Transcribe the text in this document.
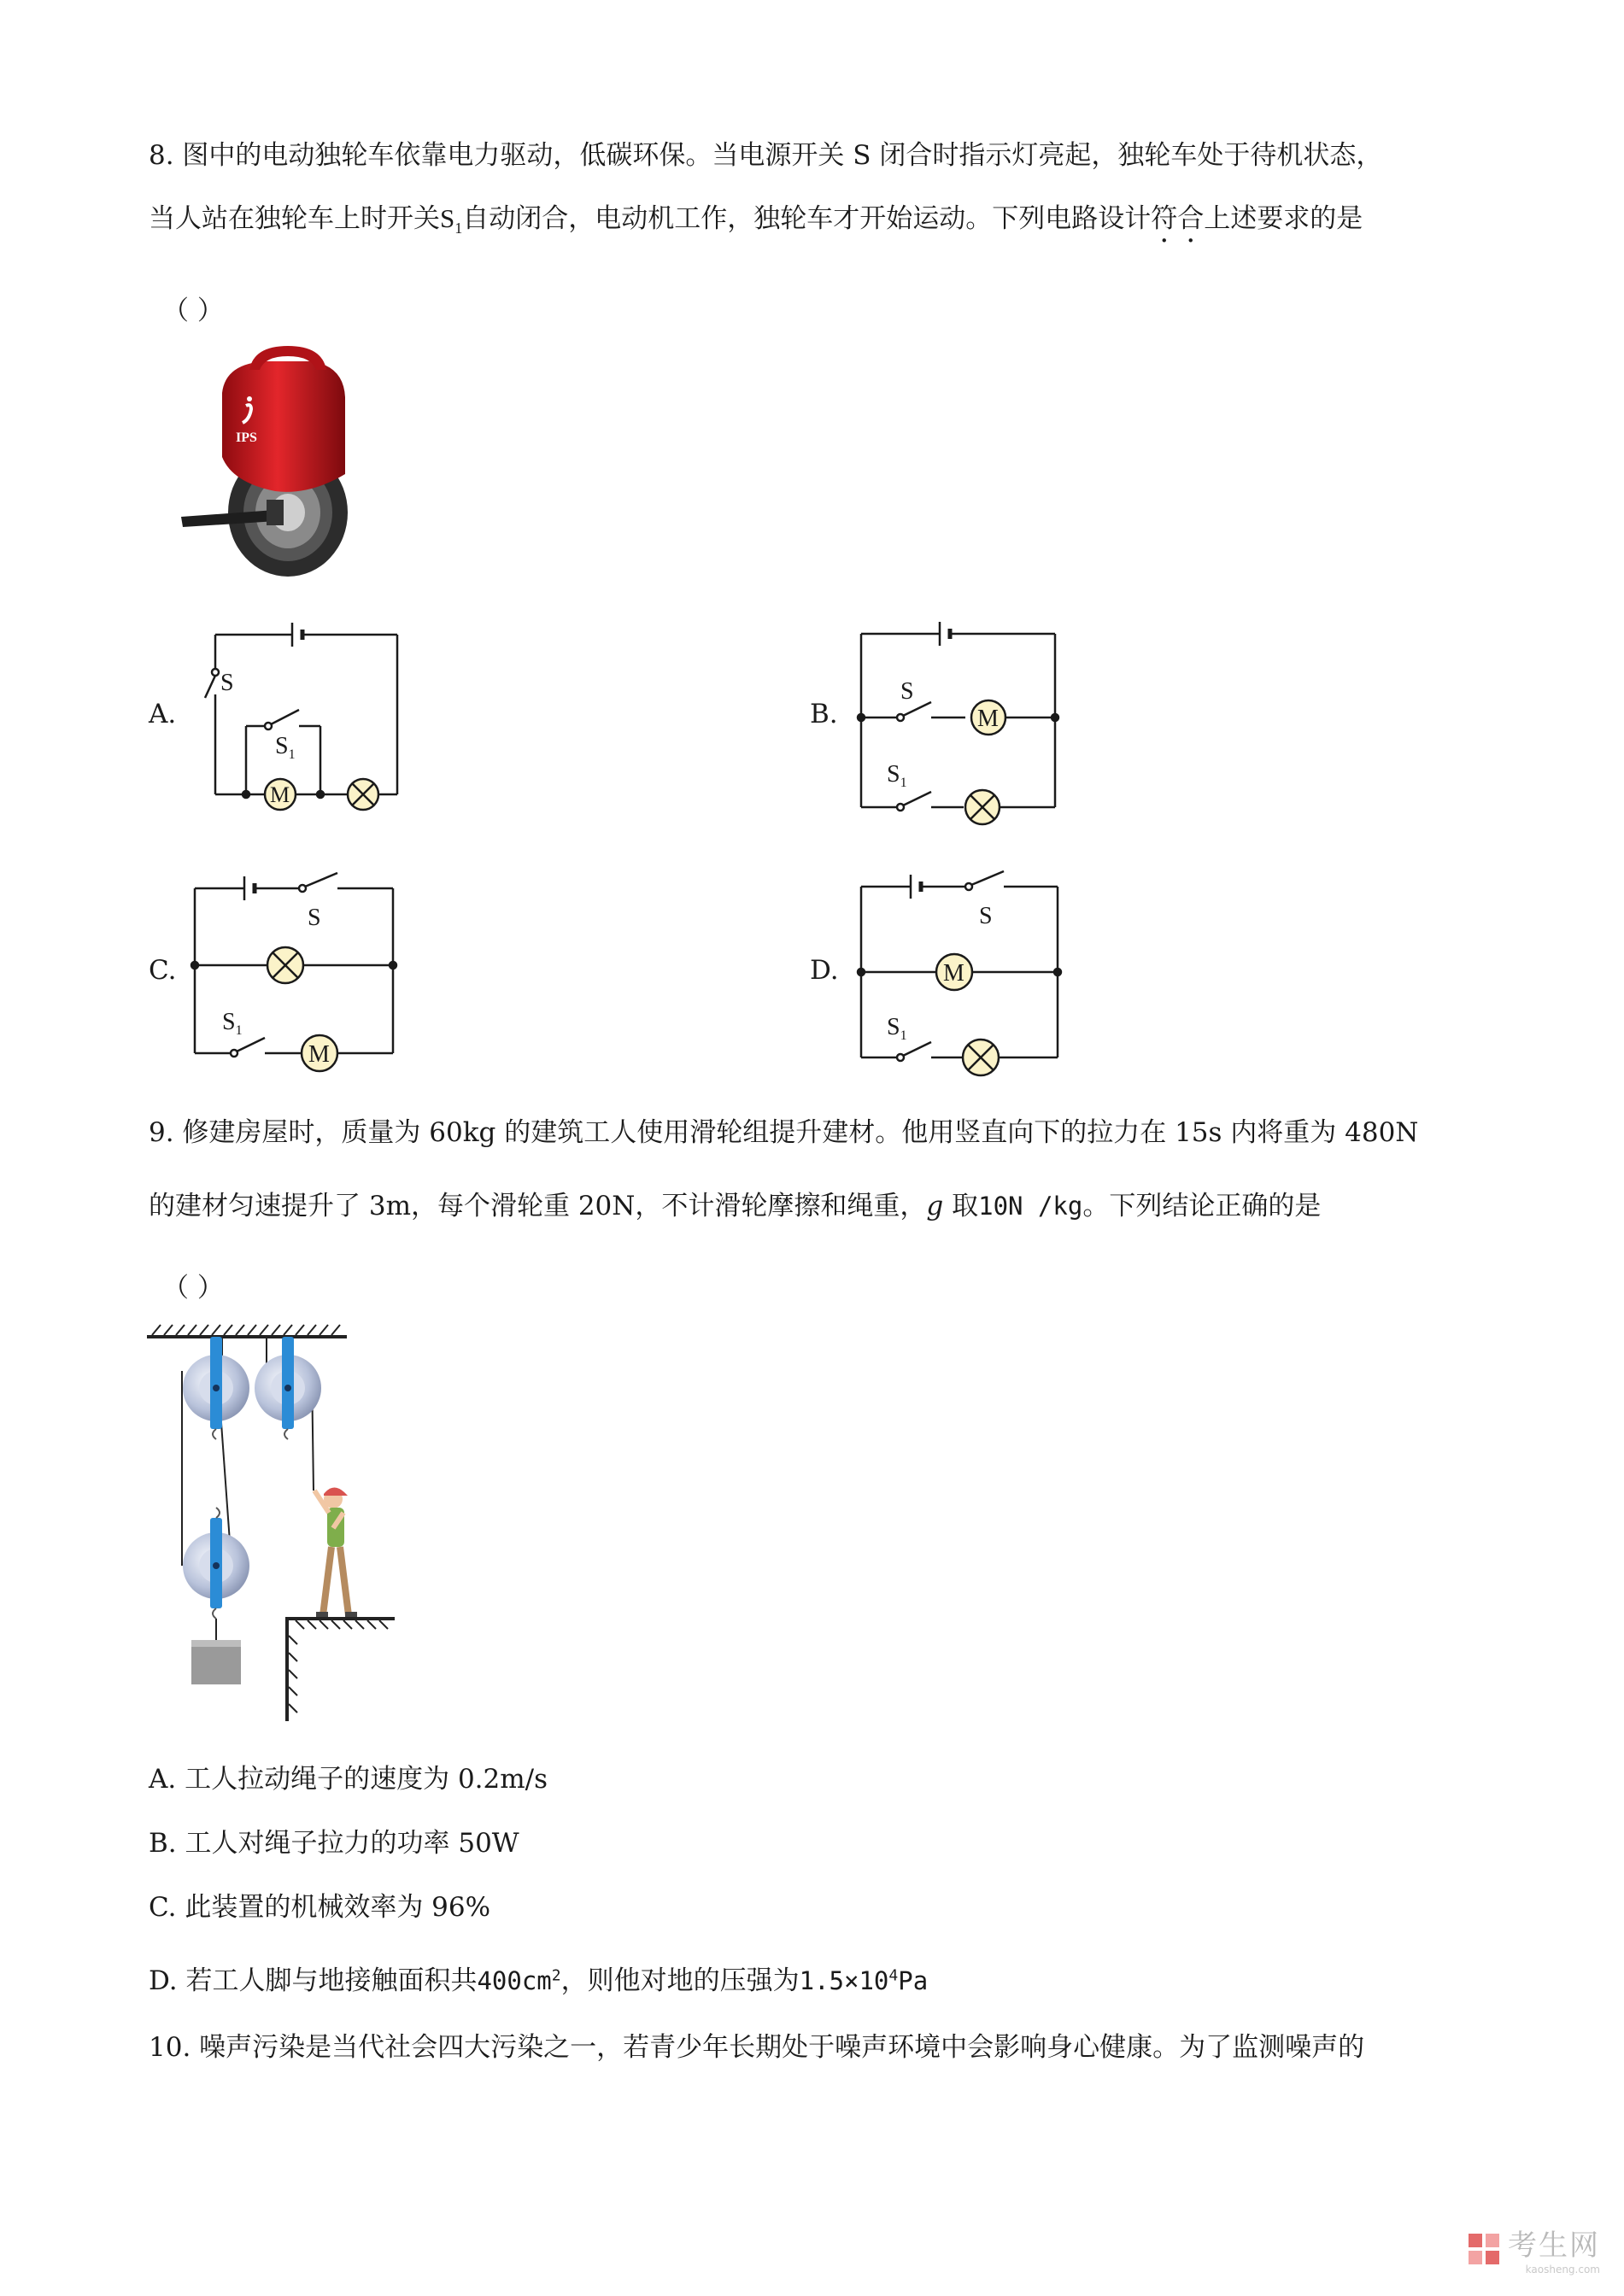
8. 图中的电动独轮车依靠电力驱动，低碳环保。当电源开关 S 闭合时指示灯亮起，独轮车处于待机状态，
当人站在独轮车上时开关$S_1$自动闭合，电动机工作，独轮车才开始运动。下列电路设计符合上述要求的是
（ ）
IPS
A.
S
M
$S_1$
B.
S
M
$S_1$
C.
S
$S_1$
M
D.
S
M
$S_1$
9. 修建房屋时，质量为 60kg 的建筑工人使用滑轮组提升建材。他用竖直向下的拉力在 15s 内将重为 480N
的建材匀速提升了 3m，每个滑轮重 20N，不计滑轮摩擦和绳重，g 取10N /kg。下列结论正确的是
（ ）
A. 工人拉动绳子的速度为 0.2m/s
B. 工人对绳子拉力的功率 50W
C. 此装置的机械效率为 96%
D. 若工人脚与地接触面积共$400cm^2$，则他对地的压强为$1.5\times 10^4Pa$
10. 噪声污染是当代社会四大污染之一，若青少年长期处于噪声环境中会影响身心健康。为了监测噪声的
考生网
kaosheng.com
